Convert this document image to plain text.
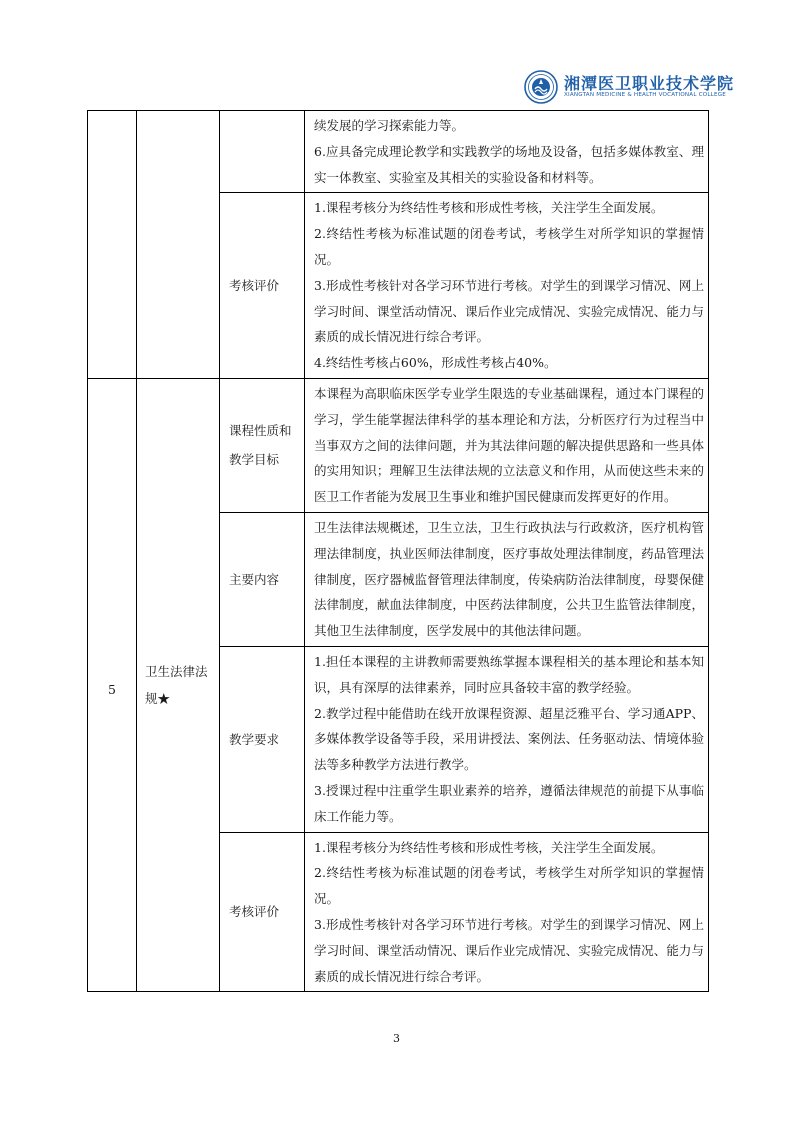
湘潭医卫职业技术学院
XIANGTAN MEDICINE & HEALTH VOCATIONAL COLLEGE

			续发展的学习探索能力等。
6.应具备完成理论教学和实践教学的场地及设备，包括多媒体教室、理实一体教室、实验室及其相关的实验设备和材料等。

		考核评价	1.课程考核分为终结性考核和形成性考核，关注学生全面发展。
2.终结性考核为标准试题的闭卷考试，考核学生对所学知识的掌握情况。
3.形成性考核针对各学习环节进行考核。对学生的到课学习情况、网上学习时间、课堂活动情况、课后作业完成情况、实验完成情况、能力与素质的成长情况进行综合考评。
4.终结性考核占60%，形成性考核占40%。

5	卫生法律法规★	课程性质和教学目标	本课程为高职临床医学专业学生限选的专业基础课程，通过本门课程的学习，学生能掌握法律科学的基本理论和方法，分析医疗行为过程当中当事双方之间的法律问题，并为其法律问题的解决提供思路和一些具体的实用知识；理解卫生法律法规的立法意义和作用，从而使这些未来的医卫工作者能为发展卫生事业和维护国民健康而发挥更好的作用。

		主要内容	卫生法律法规概述，卫生立法，卫生行政执法与行政救济，医疗机构管理法律制度，执业医师法律制度，医疗事故处理法律制度，药品管理法律制度，医疗器械监督管理法律制度，传染病防治法律制度，母婴保健法律制度，献血法律制度，中医药法律制度，公共卫生监管法律制度，其他卫生法律制度，医学发展中的其他法律问题。

		教学要求	1.担任本课程的主讲教师需要熟练掌握本课程相关的基本理论和基本知识，具有深厚的法律素养，同时应具备较丰富的教学经验。
2.教学过程中能借助在线开放课程资源、超星泛雅平台、学习通APP、多媒体教学设备等手段，采用讲授法、案例法、任务驱动法、情境体验法等多种教学方法进行教学。
3.授课过程中注重学生职业素养的培养，遵循法律规范的前提下从事临床工作能力等。

		考核评价	1.课程考核分为终结性考核和形成性考核，关注学生全面发展。
2.终结性考核为标准试题的闭卷考试，考核学生对所学知识的掌握情况。
3.形成性考核针对各学习环节进行考核。对学生的到课学习情况、网上学习时间、课堂活动情况、课后作业完成情况、实验完成情况、能力与素质的成长情况进行综合考评。
3
